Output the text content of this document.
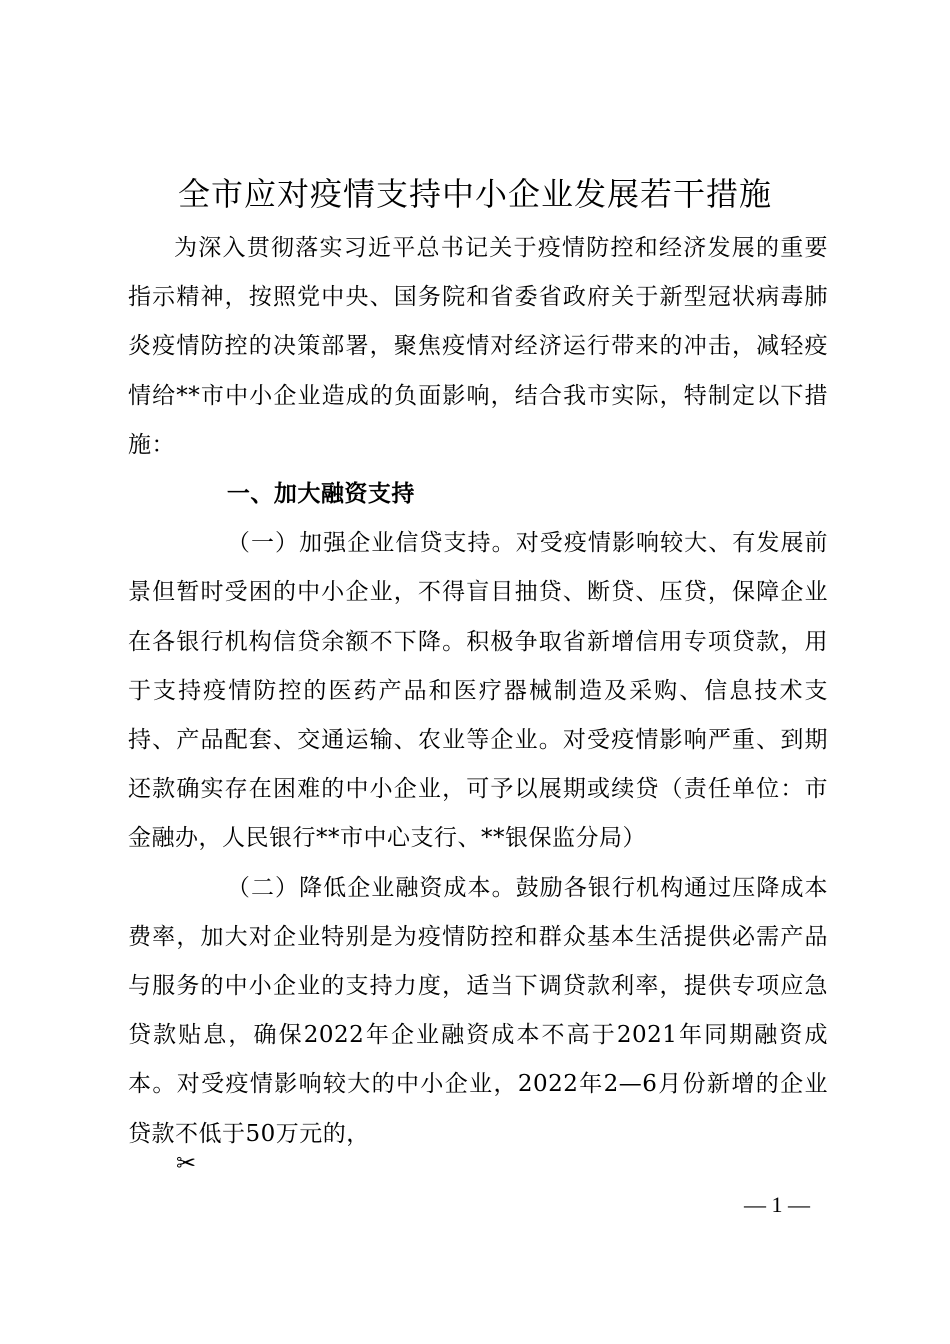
全市应对疫情支持中小企业发展若干措施

为深入贯彻落实习近平总书记关于疫情防控和经济发展的重要指示精神，按照党中央、国务院和省委省政府关于新型冠状病毒肺炎疫情防控的决策部署，聚焦疫情对经济运行带来的冲击，减轻疫情给**市中小企业造成的负面影响，结合我市实际，特制定以下措施：

一、加大融资支持

（一）加强企业信贷支持。对受疫情影响较大、有发展前景但暂时受困的中小企业，不得盲目抽贷、断贷、压贷，保障企业在各银行机构信贷余额不下降。积极争取省新增信用专项贷款，用于支持疫情防控的医药产品和医疗器械制造及采购、信息技术支持、产品配套、交通运输、农业等企业。对受疫情影响严重、到期还款确实存在困难的中小企业，可予以展期或续贷（责任单位：市金融办，人民银行**市中心支行、**银保监分局）

（二）降低企业融资成本。鼓励各银行机构通过压降成本费率，加大对企业特别是为疫情防控和群众基本生活提供必需产品与服务的中小企业的支持力度，适当下调贷款利率，提供专项应急贷款贴息，确保2022年企业融资成本不高于2021年同期融资成本。对受疫情影响较大的中小企业，2022年2—6月份新增的企业贷款不低于50万元的，

✂
— 1 —
